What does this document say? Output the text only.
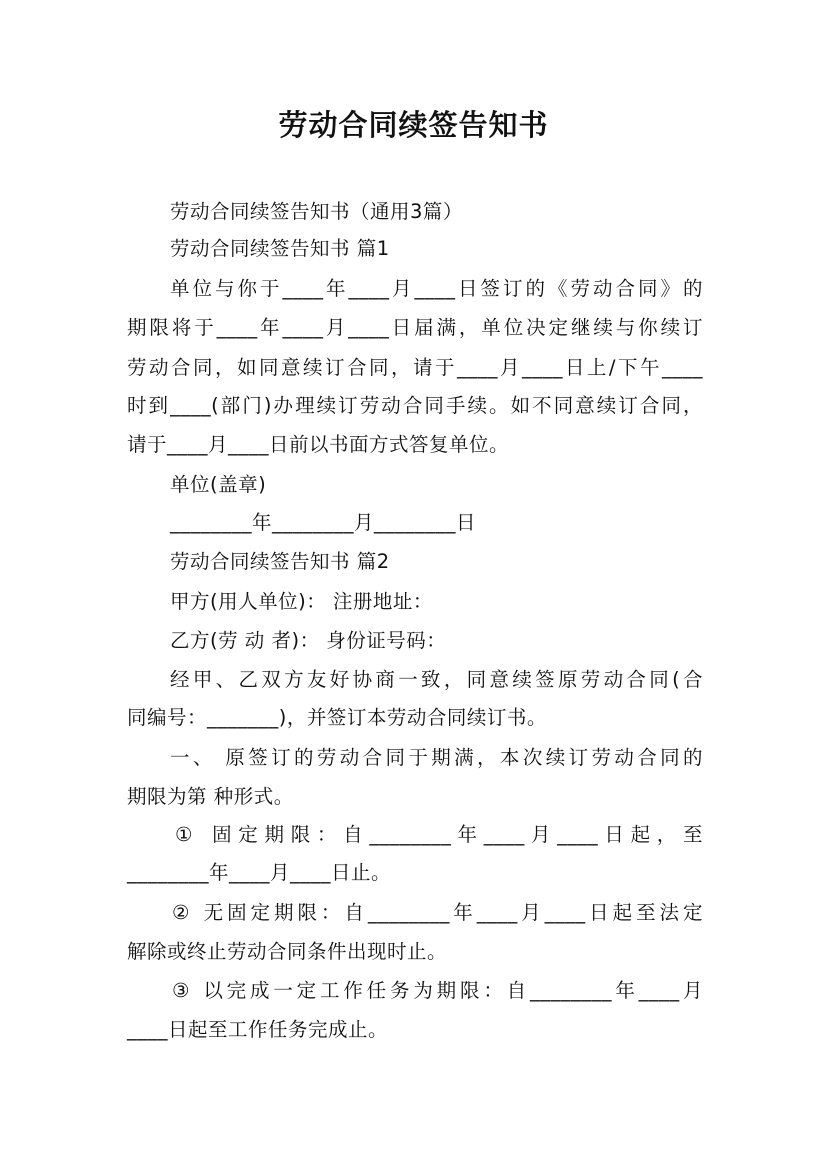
劳动合同续签告知书
劳动合同续签告知书（通用3篇）
劳动合同续签告知书 篇1
单位与你于____年____月____日签订的《劳动合同》的
期限将于____年____月____日届满，单位决定继续与你续订
劳动合同，如同意续订合同，请于____月____日上/下午____
时到____(部门)办理续订劳动合同手续。如不同意续订合同，
请于____月____日前以书面方式答复单位。
单位(盖章)
________年________月________日
劳动合同续签告知书 篇2
甲方(用人单位)： 注册地址：
乙方(劳 动 者)： 身份证号码：
经甲、乙双方友好协商一致，同意续签原劳动合同(合
同编号：_______)，并签订本劳动合同续订书。
一、 原签订的劳动合同于期满，本次续订劳动合同的
期限为第 种形式。
① 固定期限：自________年____月____日起，至
________年____月____日止。
② 无固定期限：自________年____月____日起至法定
解除或终止劳动合同条件出现时止。
③ 以完成一定工作任务为期限：自________年____月
____日起至工作任务完成止。
